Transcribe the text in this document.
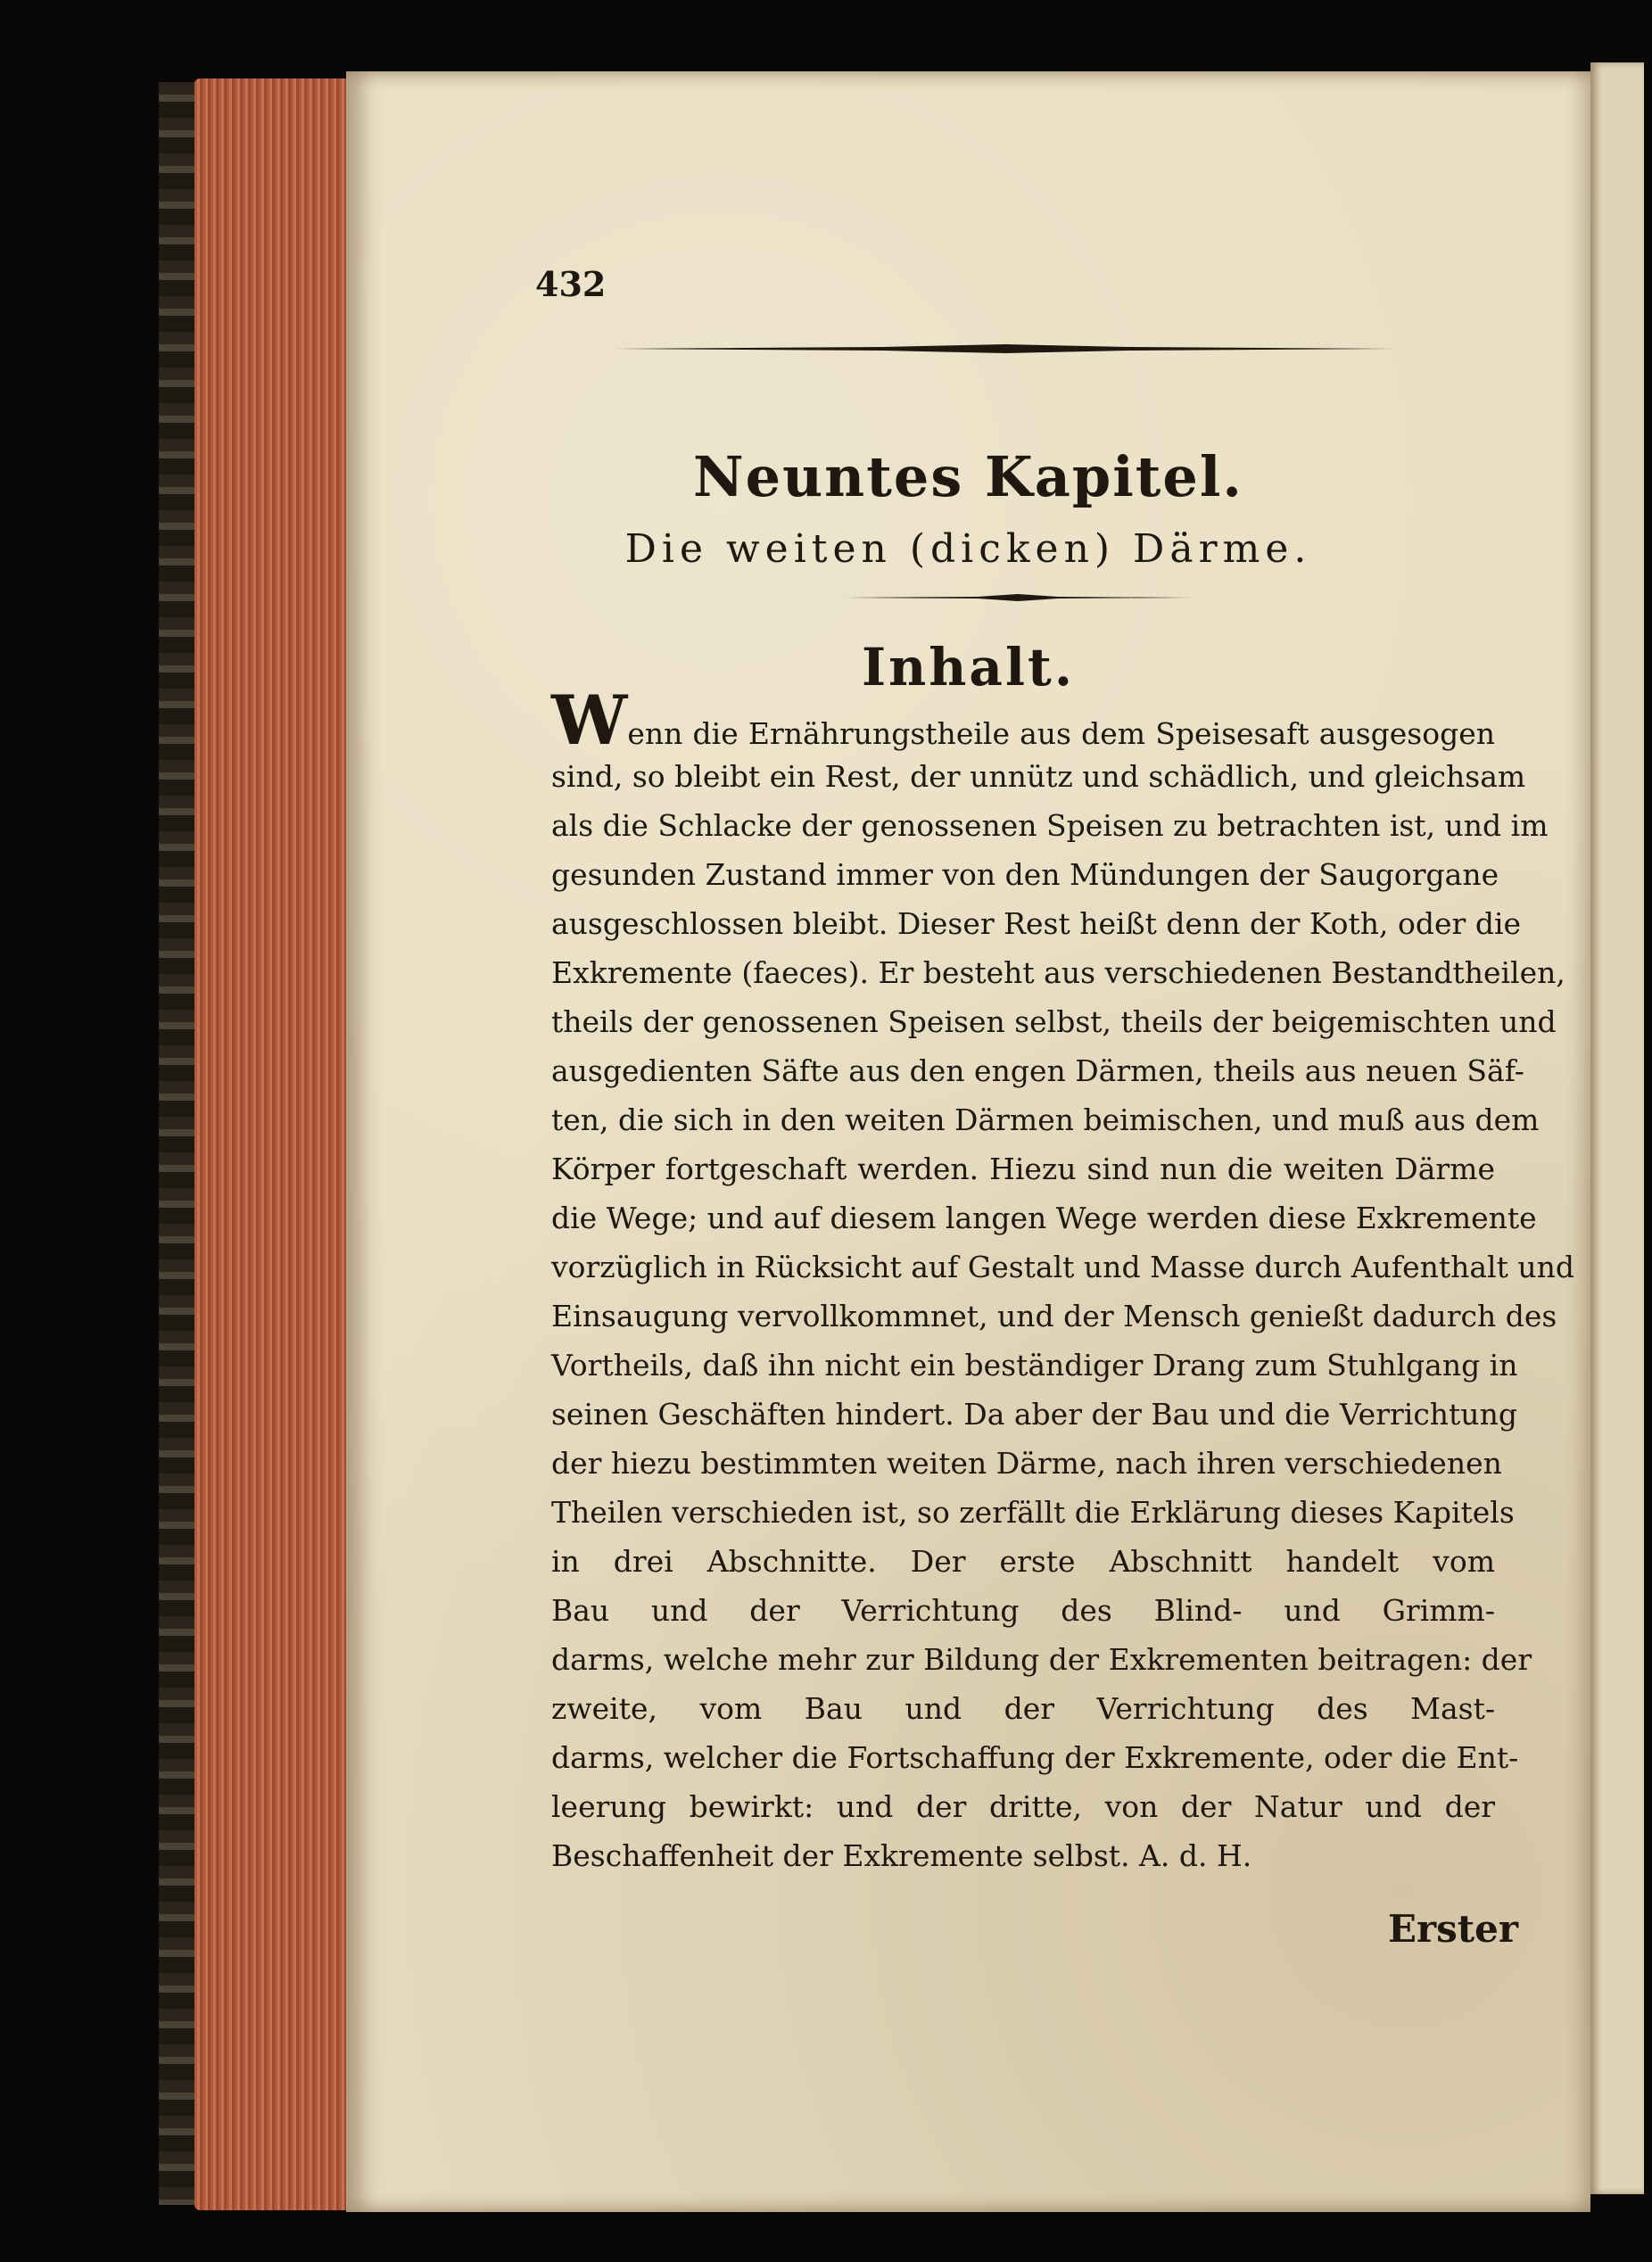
432
Neuntes Kapitel.
Die weiten (dicken) Därme.
Inhalt.
Wenn die Ernährungstheile aus dem Speisesaft ausgesogen
sind, so bleibt ein Rest, der unnütz und schädlich, und gleichsam
als die Schlacke der genossenen Speisen zu betrachten ist, und im
gesunden Zustand immer von den Mündungen der Saugorgane
ausgeschlossen bleibt. Dieser Rest heißt denn der Koth, oder die
Exkremente (faeces). Er besteht aus verschiedenen Bestandtheilen,
theils der genossenen Speisen selbst, theils der beigemischten und
ausgedienten Säfte aus den engen Därmen, theils aus neuen Säf-
ten, die sich in den weiten Därmen beimischen, und muß aus dem
Körper fortgeschaft werden. Hiezu sind nun die weiten Därme
die Wege; und auf diesem langen Wege werden diese Exkremente
vorzüglich in Rücksicht auf Gestalt und Masse durch Aufenthalt und
Einsaugung vervollkommnet, und der Mensch genießt dadurch des
Vortheils, daß ihn nicht ein beständiger Drang zum Stuhlgang in
seinen Geschäften hindert. Da aber der Bau und die Verrichtung
der hiezu bestimmten weiten Därme, nach ihren verschiedenen
Theilen verschieden ist, so zerfällt die Erklärung dieses Kapitels
in drei Abschnitte. Der erste Abschnitt handelt vom
Bau und der Verrichtung des Blind- und Grimm-
darms, welche mehr zur Bildung der Exkrementen beitragen: der
zweite, vom Bau und der Verrichtung des Mast-
darms, welcher die Fortschaffung der Exkremente, oder die Ent-
leerung bewirkt: und der dritte, von der Natur und der
Beschaffenheit der Exkremente selbst. A. d. H.
Erster
